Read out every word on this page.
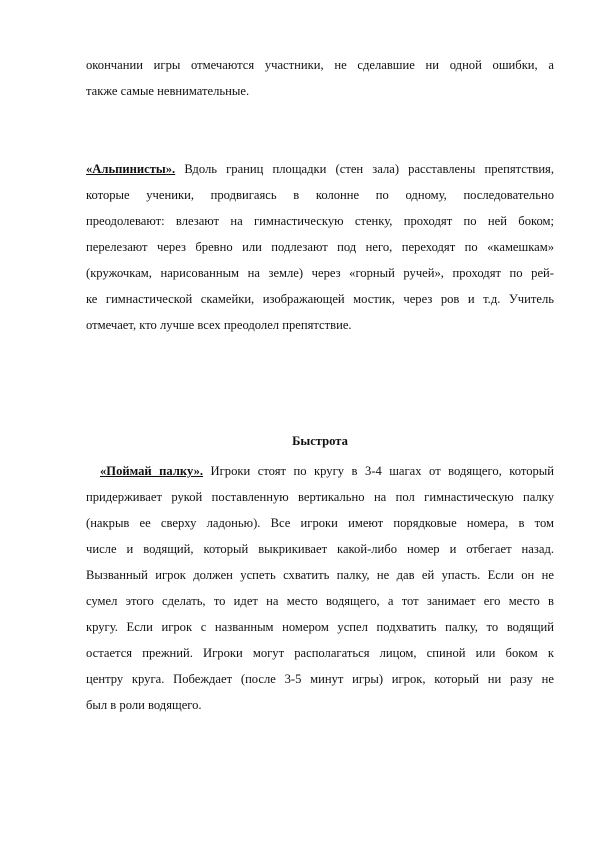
окончании игры отмечаются участники, не сделавшие ни одной ошибки, а
также самые невнимательные.
«Альпинисты». Вдоль границ площадки (стен зала) расставлены препятствия,
которые ученики, продвигаясь в колонне по одному, последовательно
преодолевают: влезают на гимнастическую стенку, проходят по ней боком;
перелезают через бревно или подлезают под него, переходят по «камешкам»
(кружочкам, нарисованным на земле) через «горный ручей», проходят по рей-
ке гимнастической скамейки, изображающей мостик, через ров и т.д. Учитель
отмечает, кто лучше всех преодолел препятствие.
Быстрота
«Поймай палку». Игроки стоят по кругу в 3-4 шагах от водящего, который
придерживает рукой поставленную вертикально на пол гимнастическую палку
(накрыв ее сверху ладонью). Все игроки имеют порядковые номера, в том
числе и водящий, который выкрикивает какой-либо номер и отбегает назад.
Вызванный игрок должен успеть схватить палку, не дав ей упасть. Если он не
сумел этого сделать, то идет на место водящего, а тот занимает его место в
кругу. Если игрок с названным номером успел подхватить палку, то водящий
остается прежний. Игроки могут располагаться лицом, спиной или боком к
центру круга. Побеждает (после 3-5 минут игры) игрок, который ни разу не
был в роли водящего.
